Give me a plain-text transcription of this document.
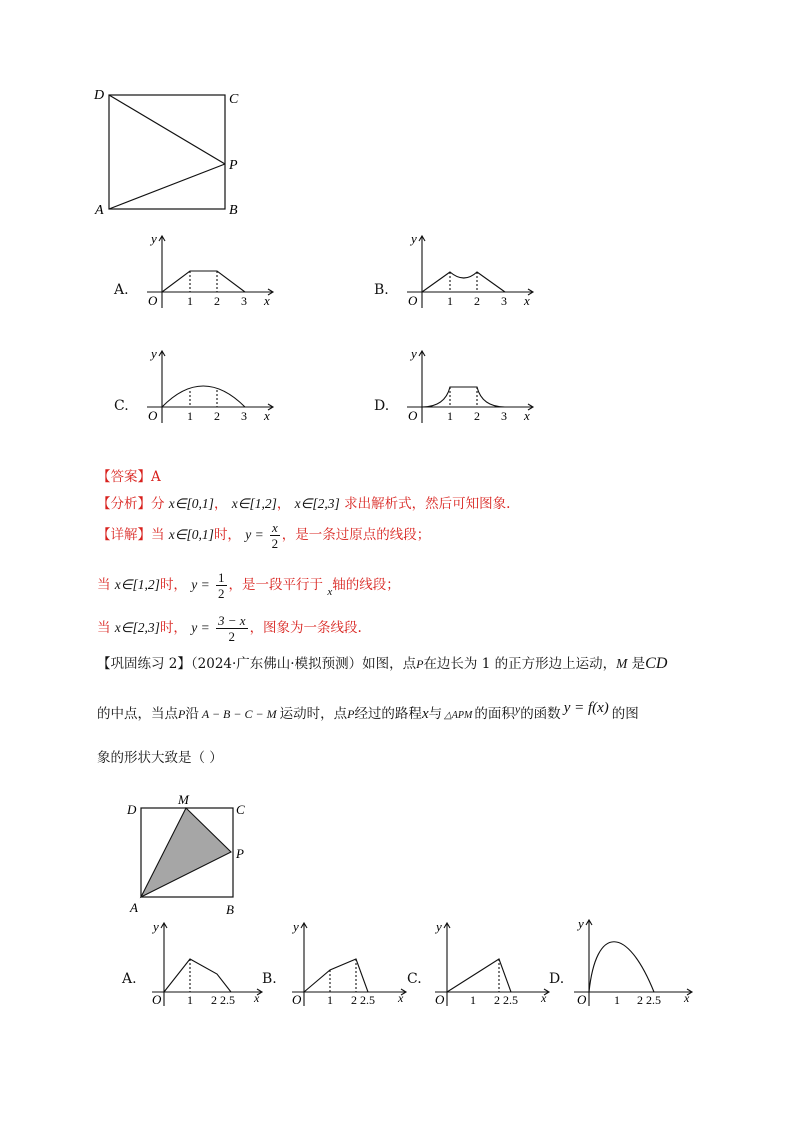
D	C
P
A	B
A.	B.
C.	D.
y
O 1 2 3 x
y
O 1 2 3 x
y
O 1 2 3 x
y
O 1 2 3 x
【答案】A
【分析】分 x∈[0,1]， x∈[1,2]， x∈[2,3] 求出解析式，然后可知图象.
【详解】当 x∈[0,1]时， $y = \frac{x}{2}$ ，是一条过原点的线段；
当 x∈[1,2]时， $y = \frac{1}{2}$ ，是一段平行于 $_x$轴的线段；
当 x∈[2,3]时， $y = \frac{3 - x}{2}$ ，图象为一条线段.
【巩固练习 2】（2024·广东佛山·模拟预测）如图，点P在边长为 1 的正方形边上运动，M 是CD
的中点，当点P沿 A − B − C − M 运动时，点P经过的路程x与 △APM 的面积y的函数 y = f(x) 的图
象的形状大致是（ ）
D
M
C
P
A	B
A.	B.	C.	D.
y
O 1 2 2.5 x
y
O 1 2 2.5 x
y
O 1 2 2.5 x
y
O 1 2 2.5 x
